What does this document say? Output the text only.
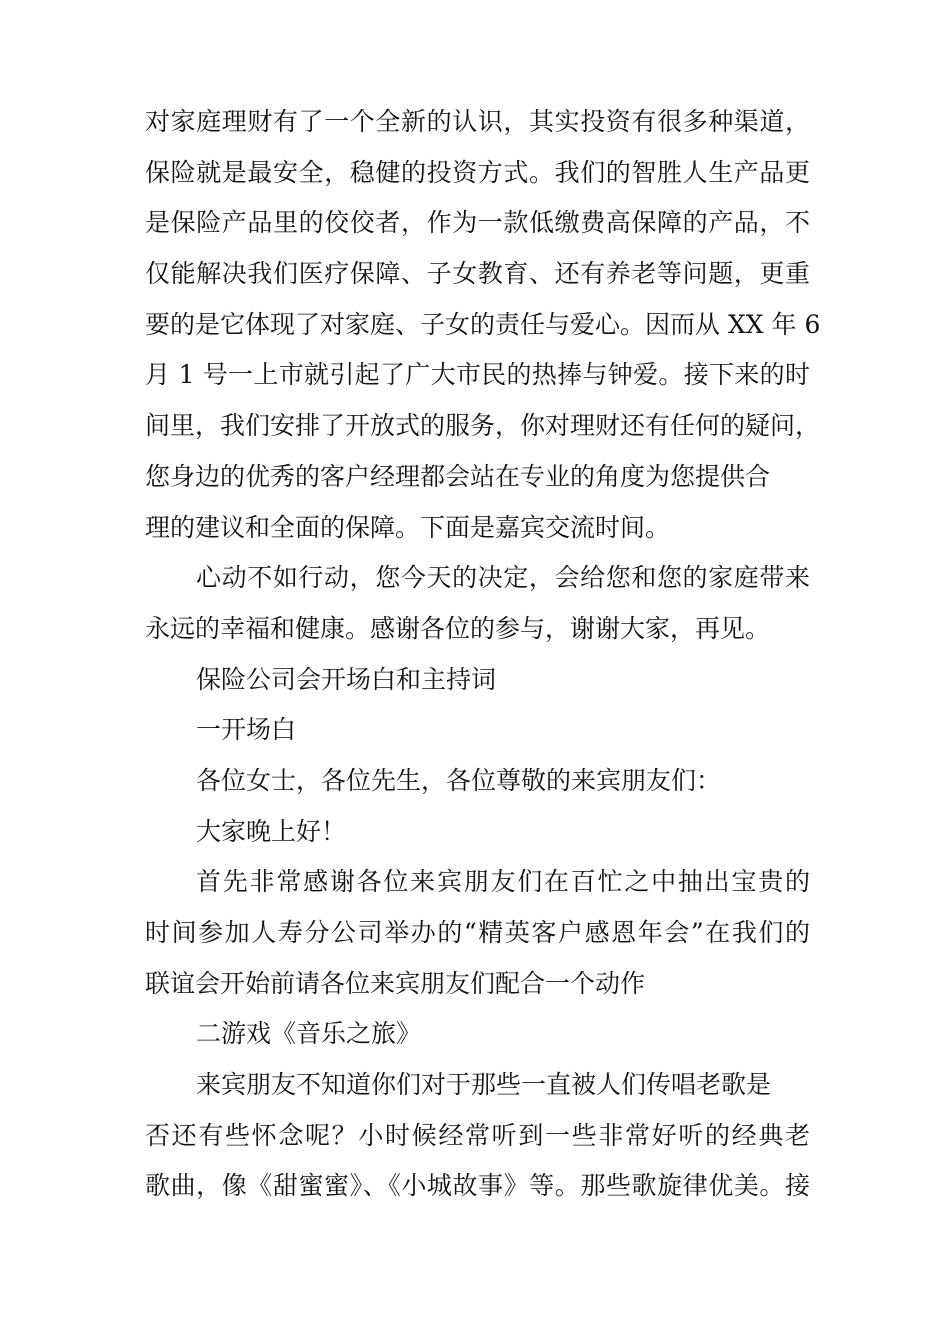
对家庭理财有了一个全新的认识，其实投资有很多种渠道，
保险就是最安全，稳健的投资方式。我们的智胜人生产品更
是保险产品里的佼佼者，作为一款低缴费高保障的产品，不
仅能解决我们医疗保障、子女教育、还有养老等问题，更重
要的是它体现了对家庭、子女的责任与爱心。因而从 XX 年 6
月 1 号一上市就引起了广大市民的热捧与钟爱。接下来的时
间里，我们安排了开放式的服务，你对理财还有任何的疑问，
您身边的优秀的客户经理都会站在专业的角度为您提供合
理的建议和全面的保障。下面是嘉宾交流时间。
心动不如行动，您今天的决定，会给您和您的家庭带来
永远的幸福和健康。感谢各位的参与，谢谢大家，再见。
保险公司会开场白和主持词
一开场白
各位女士，各位先生，各位尊敬的来宾朋友们：
大家晚上好！
首先非常感谢各位来宾朋友们在百忙之中抽出宝贵的
时间参加人寿分公司举办的“精英客户感恩年会”在我们的
联谊会开始前请各位来宾朋友们配合一个动作
二游戏《音乐之旅》
来宾朋友不知道你们对于那些一直被人们传唱老歌是
否还有些怀念呢？小时候经常听到一些非常好听的经典老
歌曲，像《甜蜜蜜》、《小城故事》等。那些歌旋律优美。接
